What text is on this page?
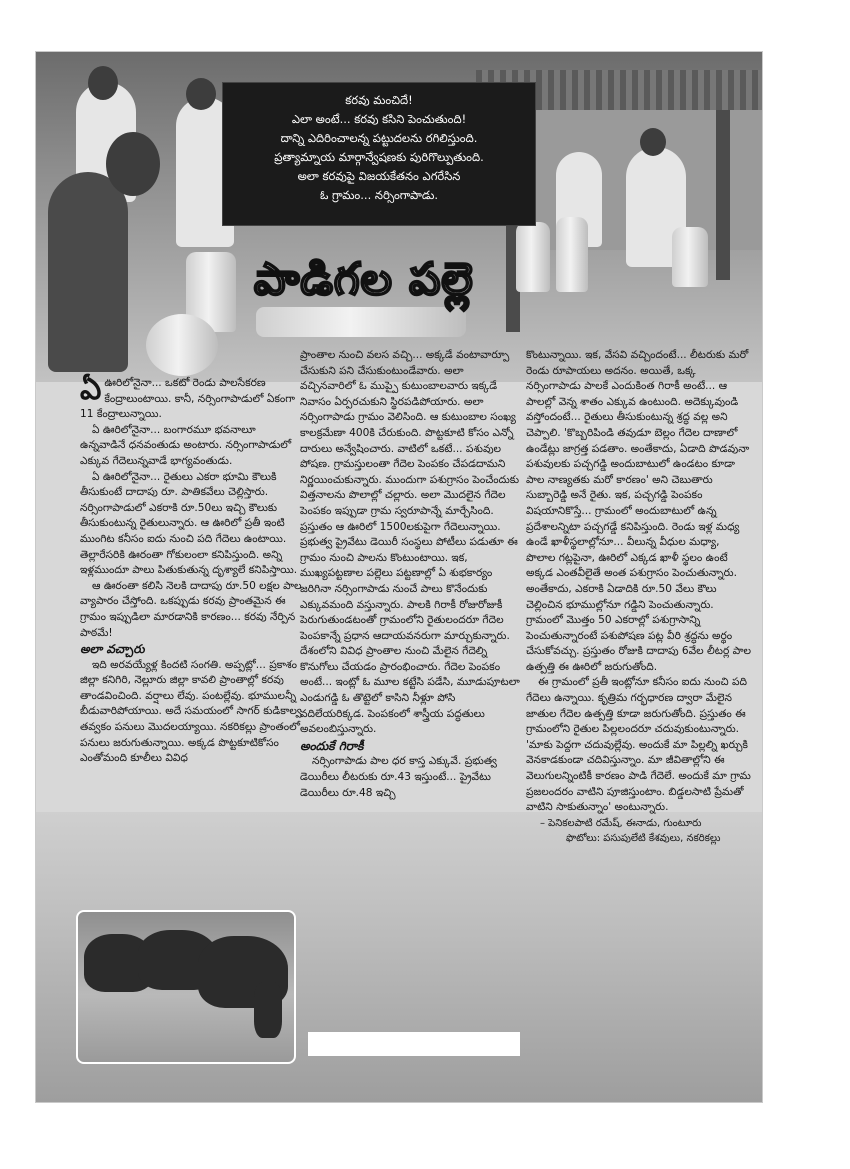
కరవు మంచిదే!
ఎలా అంటే... కరవు కసిని పెంచుతుంది!
దాన్ని ఎదిరించాలన్న పట్టుదలను రగిలిస్తుంది.
ప్రత్యామ్నాయ మార్గాన్వేషణకు పురిగొల్పుతుంది.
అలా కరవుపై విజయకేతనం ఎగరేసిన
ఓ గ్రామం... నర్సింగాపాడు.
పాడిగల పల్లె

ఏఊరిలోనైనా... ఒకటో రెండు పాలసేకరణ కేంద్రాలుంటాయి. కానీ, నర్సింగాపాడులో ఏకంగా 11 కేంద్రాలున్నాయి.

ఏ ఊరిలోనైనా... బంగారమూ భవనాలూ ఉన్నవాడినే ధనవంతుడు అంటారు. నర్సింగాపాడులో ఎక్కువ గేదెలున్నవాడే భాగ్యవంతుడు.

ఏ ఊరిలోనైనా... రైతులు ఎకరా భూమి కౌలుకి తీసుకుంటే దాదాపు రూ. పాతికవేలు చెల్లిస్తారు. నర్సింగాపాడులో ఎకరాకి రూ.50లు ఇచ్చి కౌలుకు తీసుకుంటున్న రైతులున్నారు. ఆ ఊరిలో ప్రతీ ఇంటి ముంగిట కనీసం ఐదు నుంచి పది గేదెలు ఉంటాయి. తెల్లారేసరికి ఊరంతా గోకులంలా కనిపిస్తుంది. అన్ని ఇళ్లముందూ పాలు పితుకుతున్న దృశ్యాలే కనిపిస్తాయి.

ఆ ఊరంతా కలిసి నెలకి దాదాపు రూ.50 లక్షల పాల వ్యాపారం చేస్తోంది. ఒకప్పుడు కరవు ప్రాంతమైన ఈ గ్రామం ఇప్పుడిలా మారడానికి కారణం... కరవు నేర్పిన పాఠమే!

అలా వచ్చారు

ఇది అరవయ్యేళ్ల కిందటి సంగతి. అప్పట్లో... ప్రకాశం జిల్లా కనిగిరి, నెల్లూరు జిల్లా కావలి ప్రాంతాల్లో కరవు తాండవించింది. వర్షాలు లేవు. పంటల్లేవు. భూములన్నీ బీడువారిపోయాయి. అదే సమయంలో సాగర్ కుడికాల్వ తవ్వకం పనులు మొదలయ్యాయి. నకరికల్లు ప్రాంతంలో పనులు జరుగుతున్నాయి. అక్కడ పొట్టకూటికోసం ఎంతోమంది కూలీలు వివిధ

ప్రాంతాల నుంచి వలస వచ్చి... అక్కడే వంటావార్పూ చేసుకుని పని చేసుకుంటుండేవారు. అలా వచ్చినవారిలో ఓ ముప్పై కుటుంబాలవారు ఇక్కడే నివాసం ఏర్పరచుకుని స్థిరపడిపోయారు. అలా నర్సింగాపాడు గ్రామం వెలిసింది. ఆ కుటుంబాల సంఖ్య కాలక్రమేణా 400కి చేరుకుంది. పొట్టకూటి కోసం ఎన్నో దారులు అన్వేషించారు. వాటిలో ఒకటే... పశువుల పోషణ. గ్రామస్తులంతా గేదెల పెంపకం చేపడదామని నిర్ణయించుకున్నారు. ముందుగా పశుగ్రాసం పెంచేందుకు విత్తనాలను పొలాల్లో చల్లారు. అలా మొదలైన గేదెల పెంపకం ఇప్పుడా గ్రామ స్వరూపాన్నే మార్చేసింది. ప్రస్తుతం ఆ ఊరిలో 1500లకుపైగా గేదెలున్నాయి. ప్రభుత్వ ప్రైవేటు డెయిరీ సంస్థలు పోటీలు పడుతూ ఈ గ్రామం నుంచి పాలను కొంటుంటాయి. ఇక, ముఖ్యపట్టణాల పల్లెలు పట్టణాల్లో ఏ శుభకార్యం జరిగినా నర్సింగాపాడు నుంచే పాలు కొనేందుకు ఎక్కువమంది వస్తున్నారు. పాలకి గిరాకీ రోజురోజుకీ పెరుగుతుండటంతో గ్రామంలోని రైతులందరూ గేదెల పెంపకాన్నే ప్రధాన ఆదాయవనరుగా మార్చుకున్నారు. దేశంలోని వివిధ ప్రాంతాల నుంచి మేలైన గేదెల్ని కొనుగోలు చేయడం ప్రారంభించారు. గేదెల పెంపకం అంటే... ఇంట్లో ఓ మూల కట్టేసి పడేసి, మూడుపూటలా ఎండుగడ్డి ఓ తొట్టెలో కాసిని నీళ్లూ పోసి వదిలేయరిక్కడ. పెంపకంలో శాస్త్రీయ పద్ధతులు అవలంబిస్తున్నారు.

అందుకే గిరాకీ

నర్సింగాపాడు పాల ధర కాస్త ఎక్కువే. ప్రభుత్వ డెయిరీలు లీటరుకు రూ.43 ఇస్తుంటే... ప్రైవేటు డెయిరీలు రూ.48 ఇచ్చి

కొంటున్నాయి. ఇక, వేసవి వచ్చిందంటే... లీటరుకు మరో రెండు రూపాయలు అదనం. అయితే, ఒక్క నర్సింగాపాడు పాలకే ఎందుకింత గిరాకీ అంటే... ఆ పాలల్లో వెన్న శాతం ఎక్కువ ఉంటుంది. అదెక్కువుండి వస్తోందంటే... రైతులు తీసుకుంటున్న శ్రద్ధ వల్ల అని చెప్పాలి. 'కొబ్బరిపిండి తవుడూ బెల్లం గేదెల దాణాలో ఉండేట్లు జాగ్రత్త పడతాం. అంతేకాదు, ఏడాది పొడవునా పశువులకు పచ్చగడ్డి అందుబాటులో ఉండటం కూడా పాల నాణ్యతకు మరో కారణం' అని చెబుతారు సుబ్బారెడ్డి అనే రైతు. ఇక, పచ్చగడ్డి పెంపకం విషయానికొస్తే... గ్రామంలో అందుబాటులో ఉన్న ప్రదేశాలన్నిటా పచ్చగడ్డే కనిపిస్తుంది. రెండు ఇళ్ల మధ్య ఉండే ఖాళీస్థలాల్లోనూ... వీలున్న వీధుల మధ్యా, పొలాల గట్లపైనా, ఊరిలో ఎక్కడ ఖాళీ స్థలం ఉంటే అక్కడ ఎంతవీలైతే అంత పశుగ్రాసం పెంచుతున్నారు. అంతేకాదు, ఎకరాకి ఏడాదికి రూ.50 వేలు కౌలు చెల్లించిన భూముల్లోనూ గడ్డిని పెంచుతున్నారు. గ్రామంలో మొత్తం 50 ఎకరాల్లో పశుగ్రాసాన్ని పెంచుతున్నారంటే పశుపోషణ పట్ల వీరి శ్రద్ధను అర్థం చేసుకోవచ్చు. ప్రస్తుతం రోజుకి దాదాపు 6వేల లీటర్ల పాల ఉత్పత్తి ఈ ఊరిలో జరుగుతోంది.

ఈ గ్రామంలో ప్రతీ ఇంట్లోనూ కనీసం ఐదు నుంచి పది గేదెలు ఉన్నాయి. కృత్రిమ గర్భధారణ ద్వారా మేలైన జాతుల గేదెల ఉత్పత్తి కూడా జరుగుతోంది. ప్రస్తుతం ఈ గ్రామంలోని రైతుల పిల్లలందరూ చదువుకుంటున్నారు. 'మాకు పెద్దగా చదువుల్లేవు. అందుకే మా పిల్లల్ని ఖర్చుకి వెనకాడకుండా చదివిస్తున్నాం. మా జీవితాల్లోని ఈ వెలుగులన్నింటికీ కారణం పాడి గేదెలే. అందుకే మా గ్రామ ప్రజలందరం వాటిని పూజిస్తుంటాం. బిడ్డలసాటి ప్రేమతో వాటిని సాకుతున్నాం' అంటున్నారు.

– పెనికలపాటి రమేష్, ఈనాడు, గుంటూరు

ఫొటోలు: పసుపులేటి కేశవులు, నకరికల్లు
